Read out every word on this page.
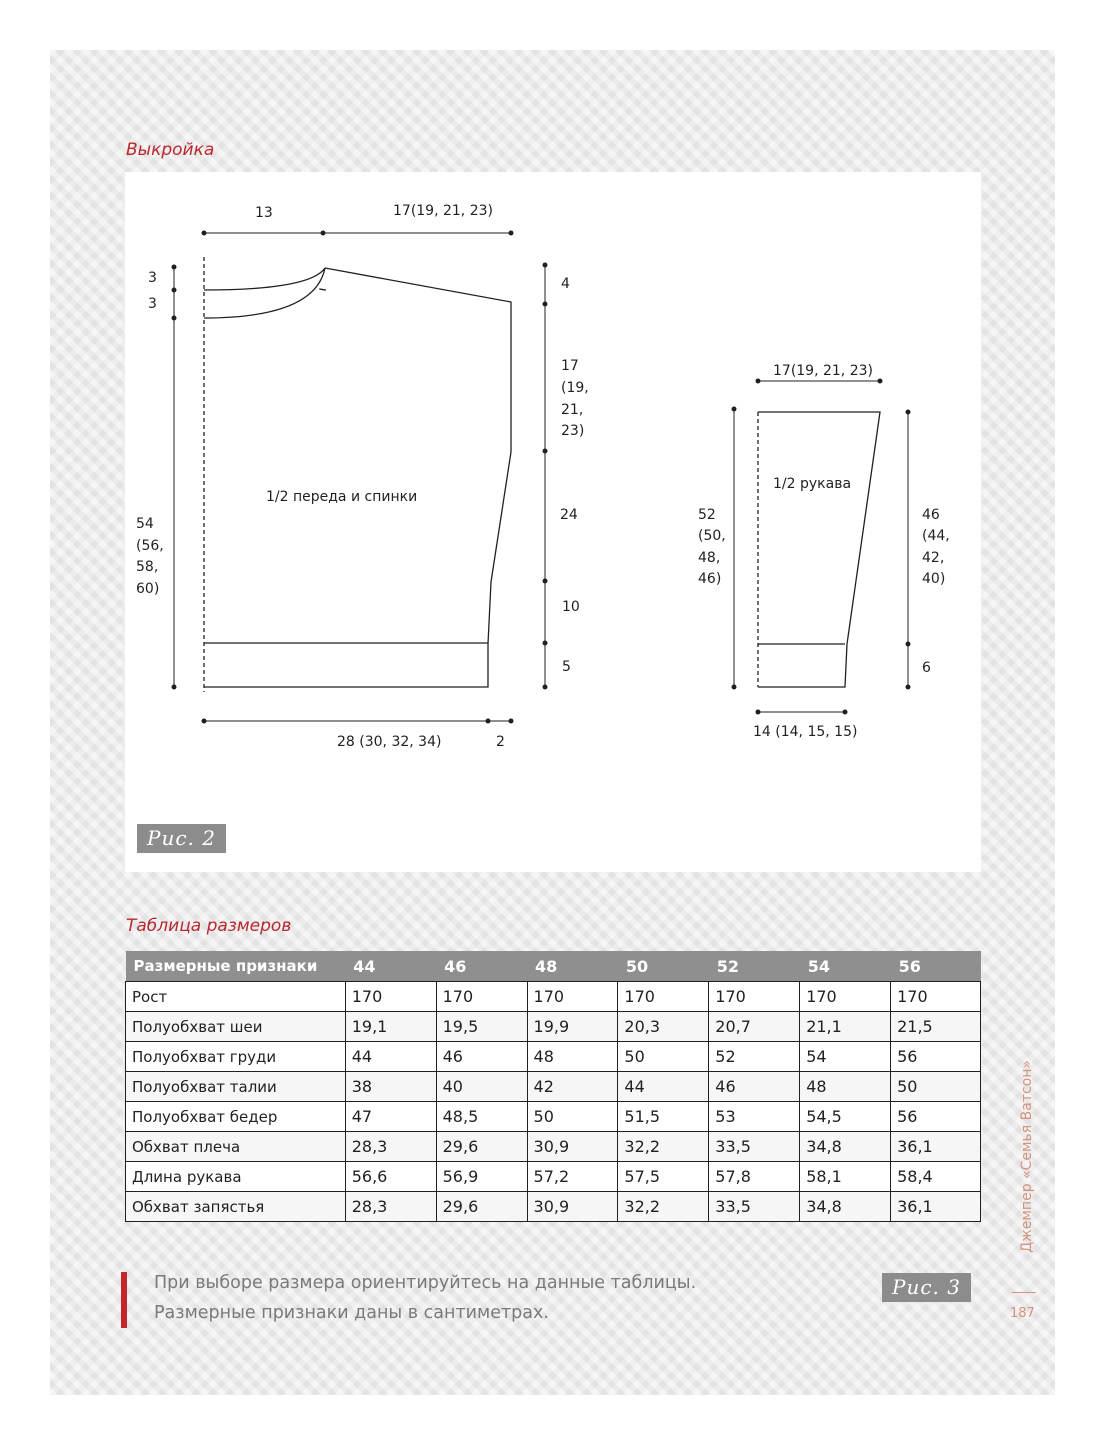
Выкройка
13	17(19, 21, 23)
3
3
4
17
(19,
21,
23)
24
10
5
54
(56,
58,
60)
1/2 переда и спинки
28 (30, 32, 34)	2
17(19, 21, 23)
1/2 рукава
52
(50,
48,
46)
46
(44,
42,
40)
6
14 (14, 15, 15)
Рис. 2
Таблица размеров
Размерные признаки	44	46	48	50	52	54	56
Рост	170	170	170	170	170	170	170
Полуобхват шеи	19,1	19,5	19,9	20,3	20,7	21,1	21,5
Полуобхват груди	44	46	48	50	52	54	56
Полуобхват талии	38	40	42	44	46	48	50
Полуобхват бедер	47	48,5	50	51,5	53	54,5	56
Обхват плеча	28,3	29,6	30,9	32,2	33,5	34,8	36,1
Длина рукава	56,6	56,9	57,2	57,5	57,8	58,1	58,4
Обхват запястья	28,3	29,6	30,9	32,2	33,5	34,8	36,1
При выборе размера ориентируйтесь на данные таблицы.
Размерные признаки даны в сантиметрах.
Рис. 3
Джемпер «Семья Ватсон»
187
